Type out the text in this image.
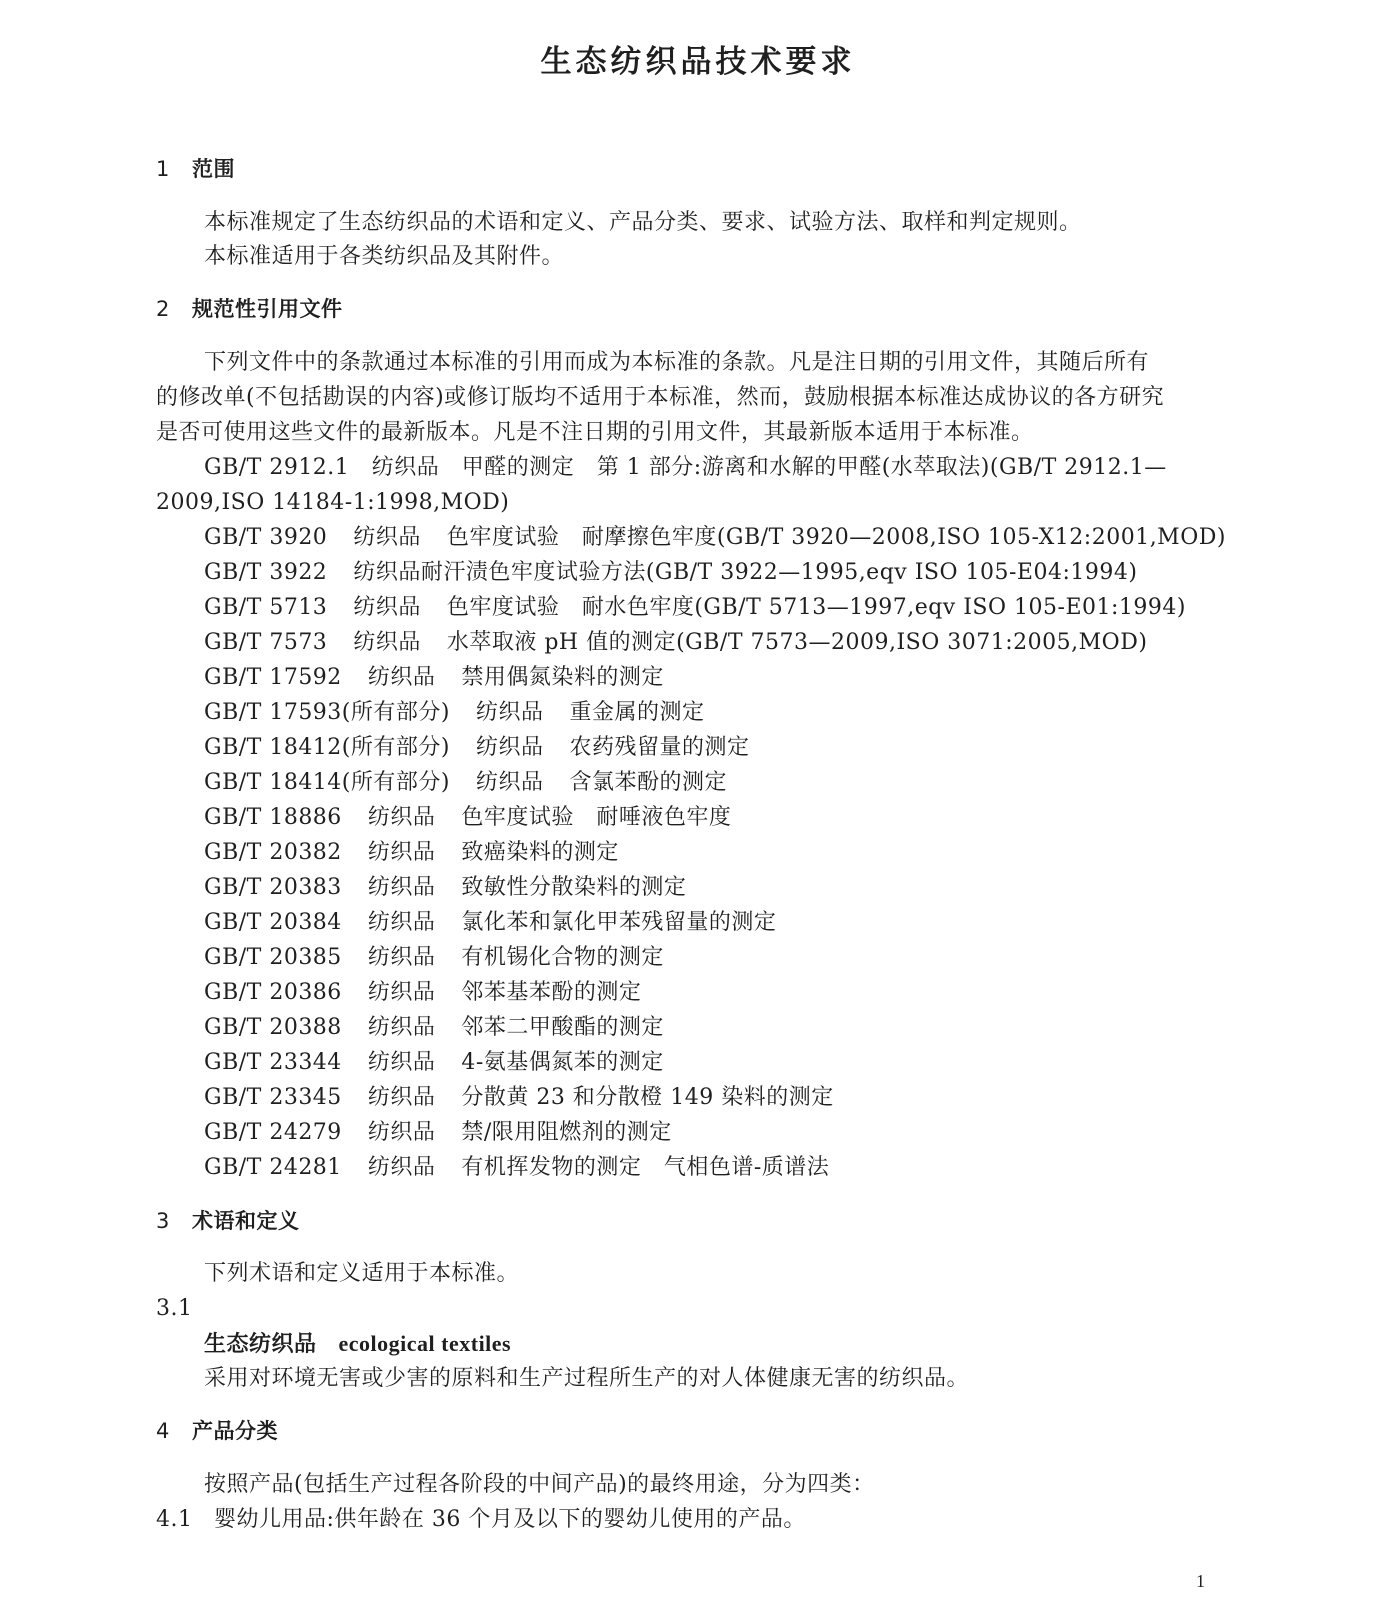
生态纺织品技术要求
1 范围
本标准规定了生态纺织品的术语和定义、产品分类、要求、试验方法、取样和判定规则。
本标准适用于各类纺织品及其附件。
2 规范性引用文件
下列文件中的条款通过本标准的引用而成为本标准的条款。凡是注日期的引用文件，其随后所有
的修改单(不包括勘误的内容)或修订版均不适用于本标准，然而，鼓励根据本标准达成协议的各方研究
是否可使用这些文件的最新版本。凡是不注日期的引用文件，其最新版本适用于本标准。
GB/T 2912.1　纺织品　甲醛的测定　第 1 部分:游离和水解的甲醛(水萃取法)(GB/T 2912.1—
2009,ISO 14184-1:1998,MOD)
GB/T 3920 纺织品 色牢度试验　耐摩擦色牢度(GB/T 3920—2008,ISO 105-X12:2001,MOD)
GB/T 3922 纺织品耐汗渍色牢度试验方法(GB/T 3922—1995,eqv ISO 105-E04:1994)
GB/T 5713 纺织品 色牢度试验　耐水色牢度(GB/T 5713—1997,eqv ISO 105-E01:1994)
GB/T 7573 纺织品 水萃取液 pH 值的测定(GB/T 7573—2009,ISO 3071:2005,MOD)
GB/T 17592 纺织品 禁用偶氮染料的测定
GB/T 17593(所有部分) 纺织品 重金属的测定
GB/T 18412(所有部分) 纺织品 农药残留量的测定
GB/T 18414(所有部分) 纺织品 含氯苯酚的测定
GB/T 18886 纺织品 色牢度试验　耐唾液色牢度
GB/T 20382 纺织品 致癌染料的测定
GB/T 20383 纺织品 致敏性分散染料的测定
GB/T 20384 纺织品 氯化苯和氯化甲苯残留量的测定
GB/T 20385 纺织品 有机锡化合物的测定
GB/T 20386 纺织品 邻苯基苯酚的测定
GB/T 20388 纺织品 邻苯二甲酸酯的测定
GB/T 23344 纺织品 4-氨基偶氮苯的测定
GB/T 23345 纺织品 分散黄 23 和分散橙 149 染料的测定
GB/T 24279 纺织品 禁/限用阻燃剂的测定
GB/T 24281 纺织品 有机挥发物的测定　气相色谱-质谱法
3 术语和定义
下列术语和定义适用于本标准。
3.1
生态纺织品 ecological textiles
采用对环境无害或少害的原料和生产过程所生产的对人体健康无害的纺织品。
4 产品分类
按照产品(包括生产过程各阶段的中间产品)的最终用途，分为四类：
4.1 婴幼儿用品:供年龄在 36 个月及以下的婴幼儿使用的产品。
1
